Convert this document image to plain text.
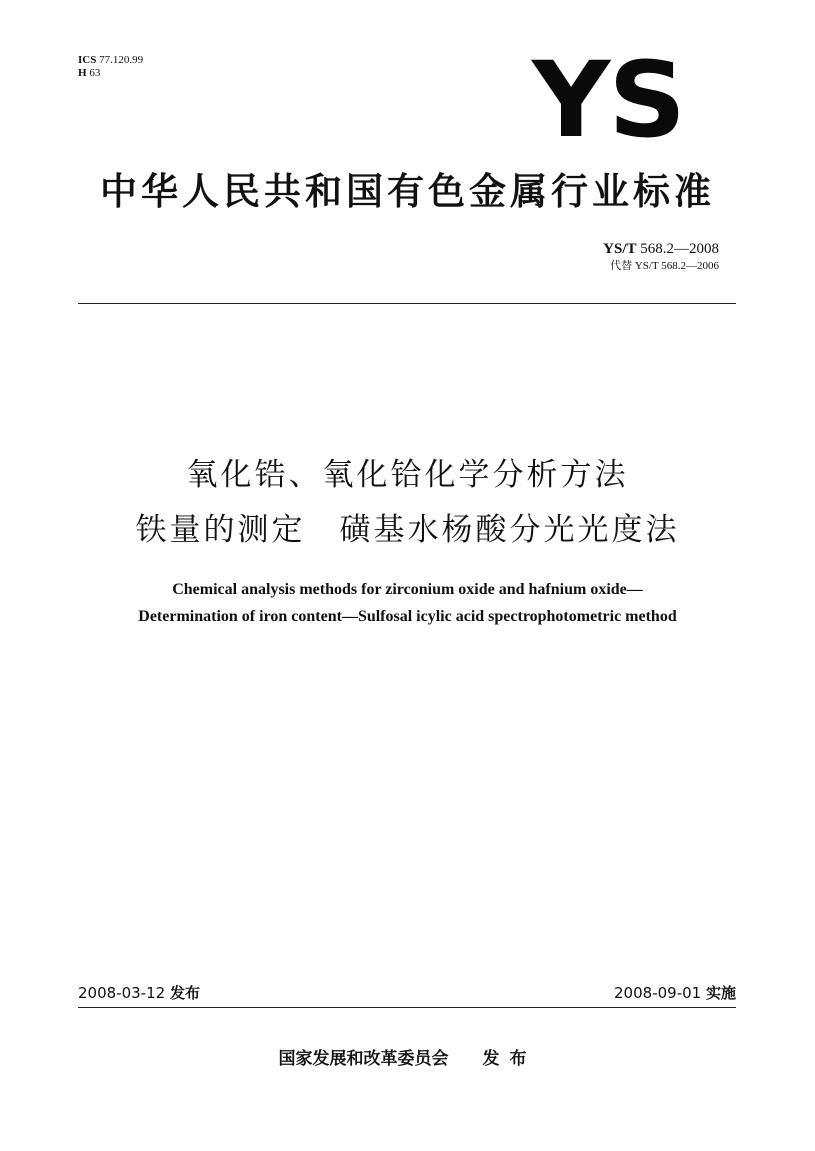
ICS 77.120.99
H 63	YS
中华人民共和国有色金属行业标准
YS/T 568.2—2008
代替 YS/T 568.2—2006
氧化锆、氧化铪化学分析方法
铁量的测定　磺基水杨酸分光光度法
Chemical analysis methods for zirconium oxide and hafnium oxide—
Determination of iron content—Sulfosal icylic acid spectrophotometric method
2008-03-12 发布	2008-09-01 实施
国家发展和改革委员会 发布
